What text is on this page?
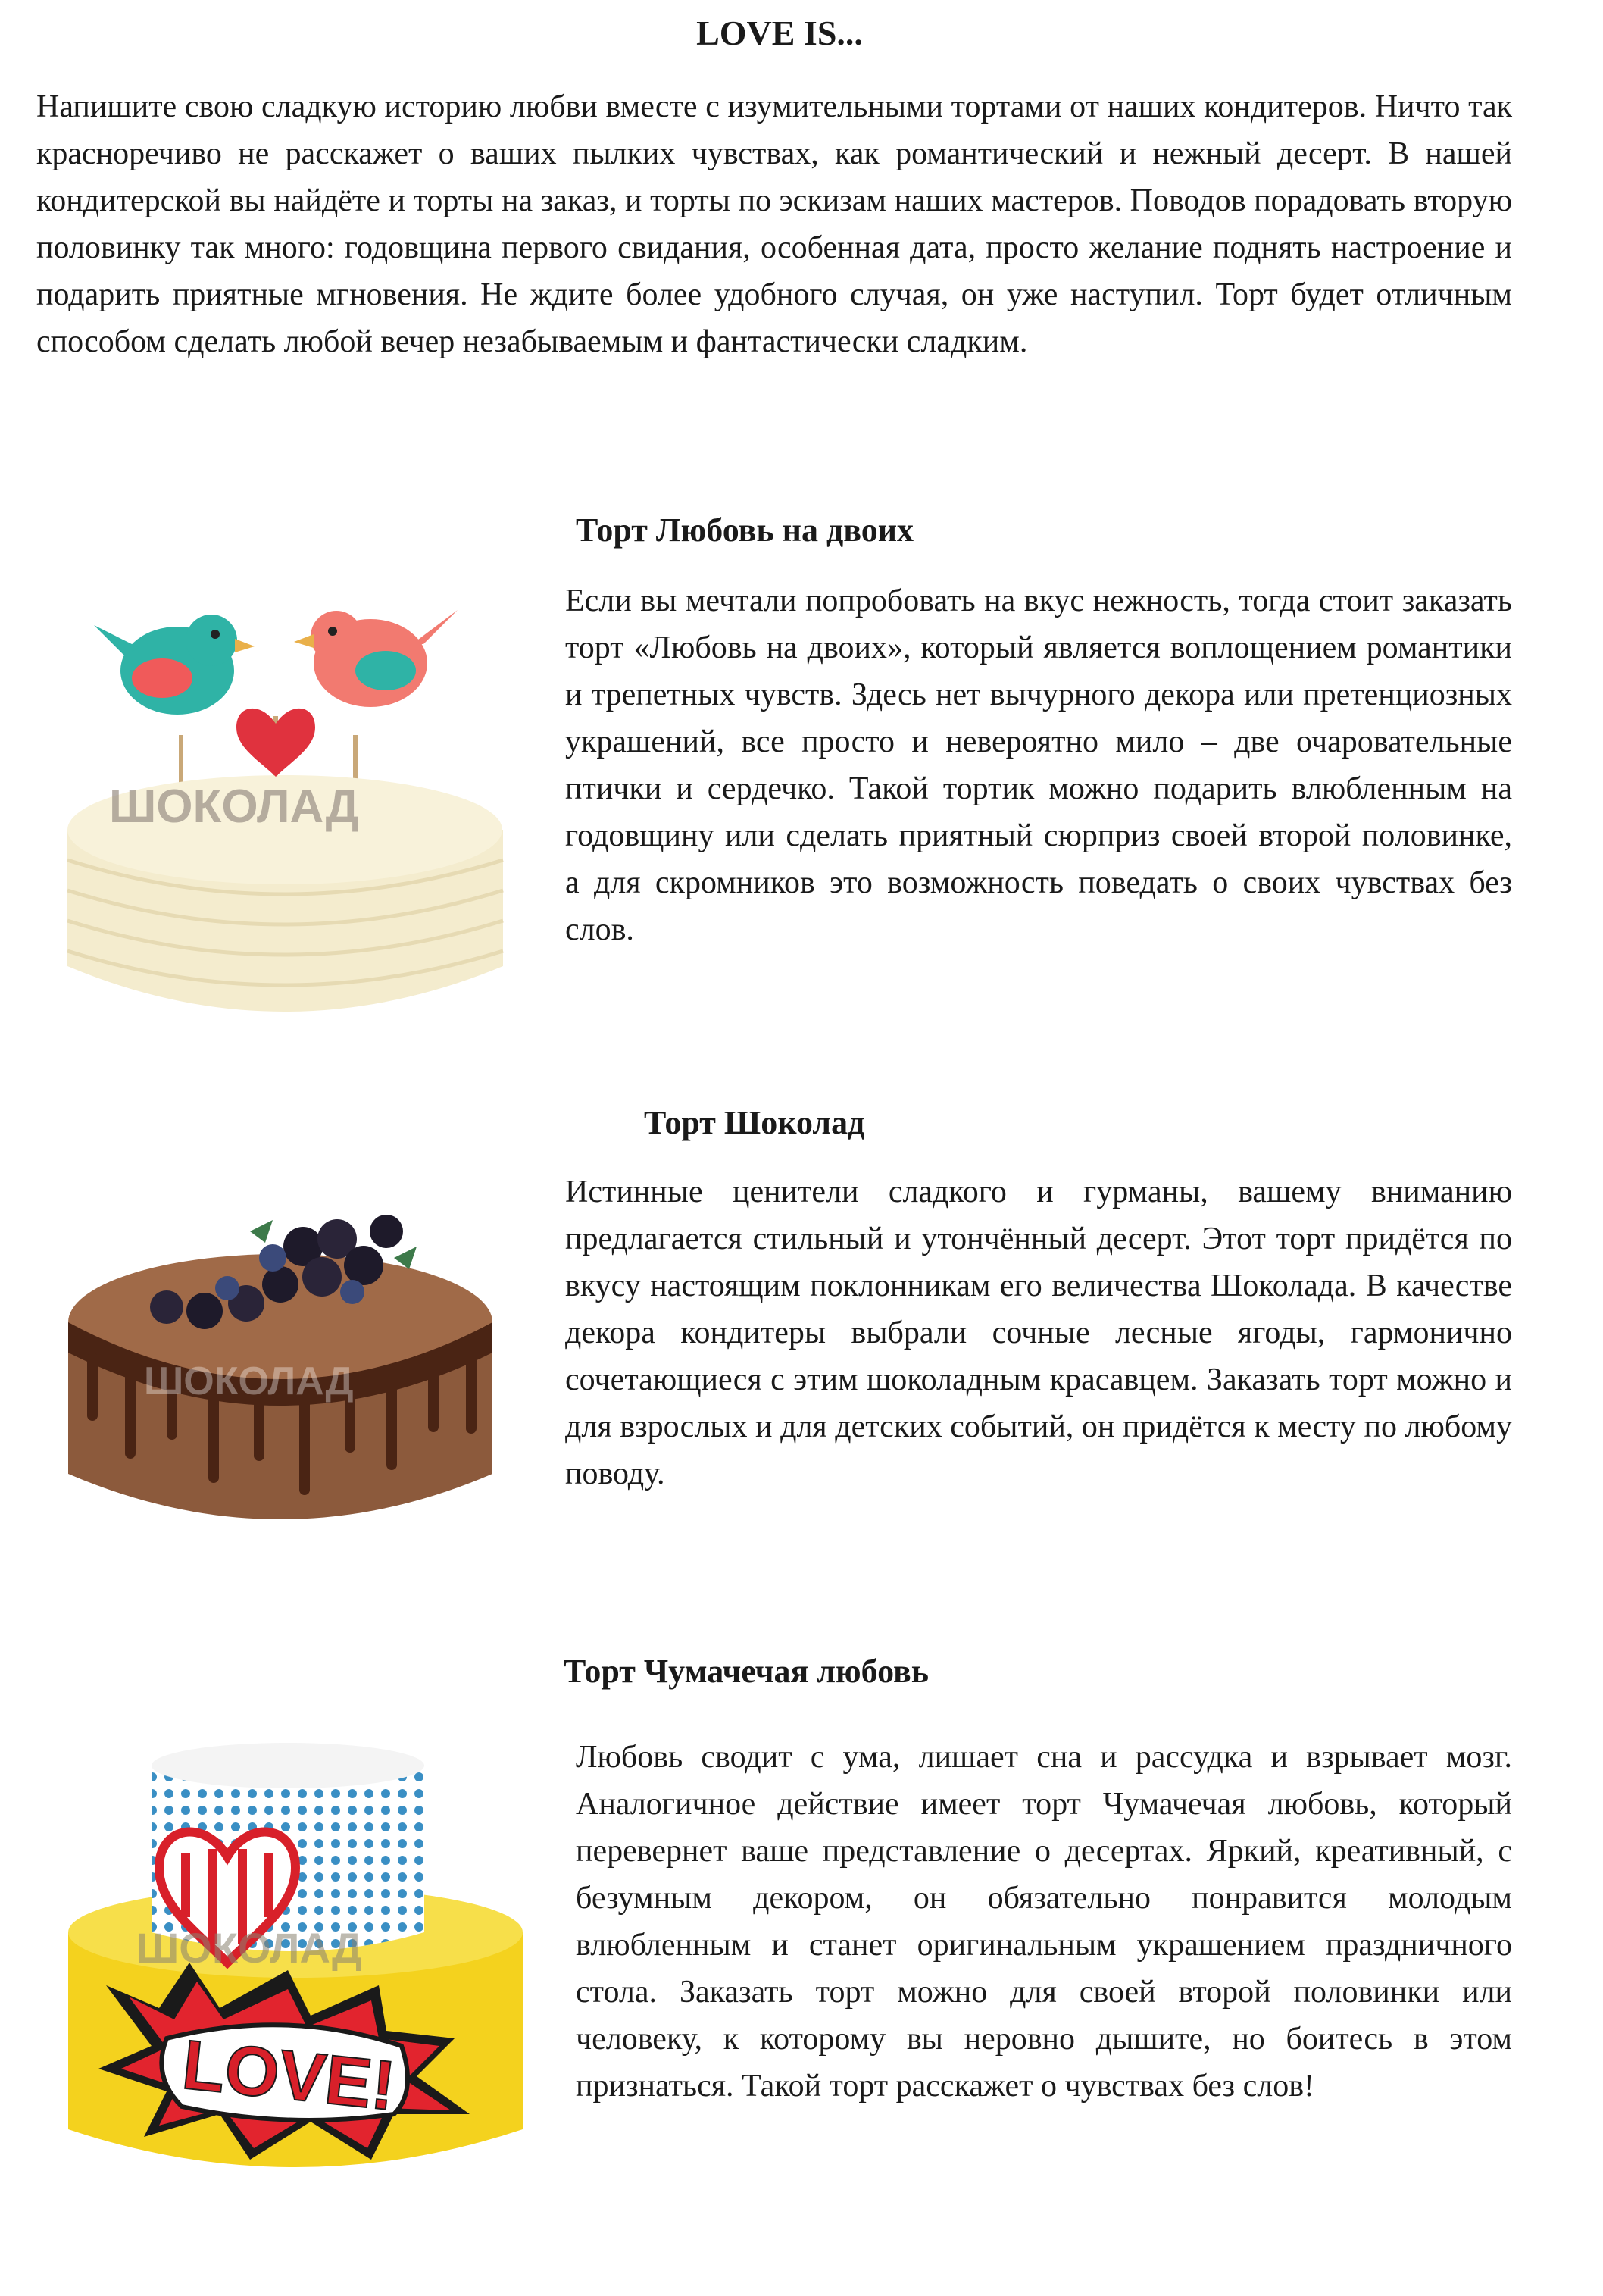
LOVE IS...

Напишите свою сладкую историю любви вместе с изумительными тортами от наших кондитеров. Ничто так красноречиво не расскажет о ваших пылких чувствах, как романтический и нежный десерт. В нашей кондитерской вы найдёте и торты на заказ, и торты по эскизам наших мастеров. Поводов порадовать вторую половинку так много: годовщина первого свидания, особенная дата, просто желание поднять настроение и подарить приятные мгновения. Не ждите более удобного случая, он уже наступил. Торт будет отличным способом сделать любой вечер незабываемым и фантастически сладким.

Торт Любовь на двоих
ШОКОЛАД

Если вы мечтали попробовать на вкус нежность, тогда стоит заказать торт «Любовь на двоих», который является воплощением романтики и трепетных чувств. Здесь нет вычурного декора или претенциозных украшений, все просто и невероятно мило – две очаровательные птички и сердечко. Такой тортик можно подарить влюбленным на годовщину или сделать приятный сюрприз своей второй половинке, а для скромников это возможность поведать о своих чувствах без слов.

Торт Шоколад
ШОКОЛАД

Истинные ценители сладкого и гурманы, вашему вниманию предлагается стильный и утончённый десерт. Этот торт придётся по вкусу настоящим поклонникам его величества Шоколада. В качестве декора кондитеры выбрали сочные лесные ягоды, гармонично сочетающиеся с этим шоколадным красавцем. Заказать торт можно и для взрослых и для детских событий, он придётся к месту по любому поводу.

Торт Чумачечая любовь
LOVE!
ШОКОЛАД

Любовь сводит с ума, лишает сна и рассудка и взрывает мозг. Аналогичное действие имеет торт Чумачечая любовь, который перевернет ваше представление о десертах. Яркий, креативный, с безумным декором, он обязательно понравится молодым влюбленным и станет оригинальным украшением праздничного стола. Заказать торт можно для своей второй половинки или человеку, к которому вы неровно дышите, но боитесь в этом признаться. Такой торт расскажет о чувствах без слов!
